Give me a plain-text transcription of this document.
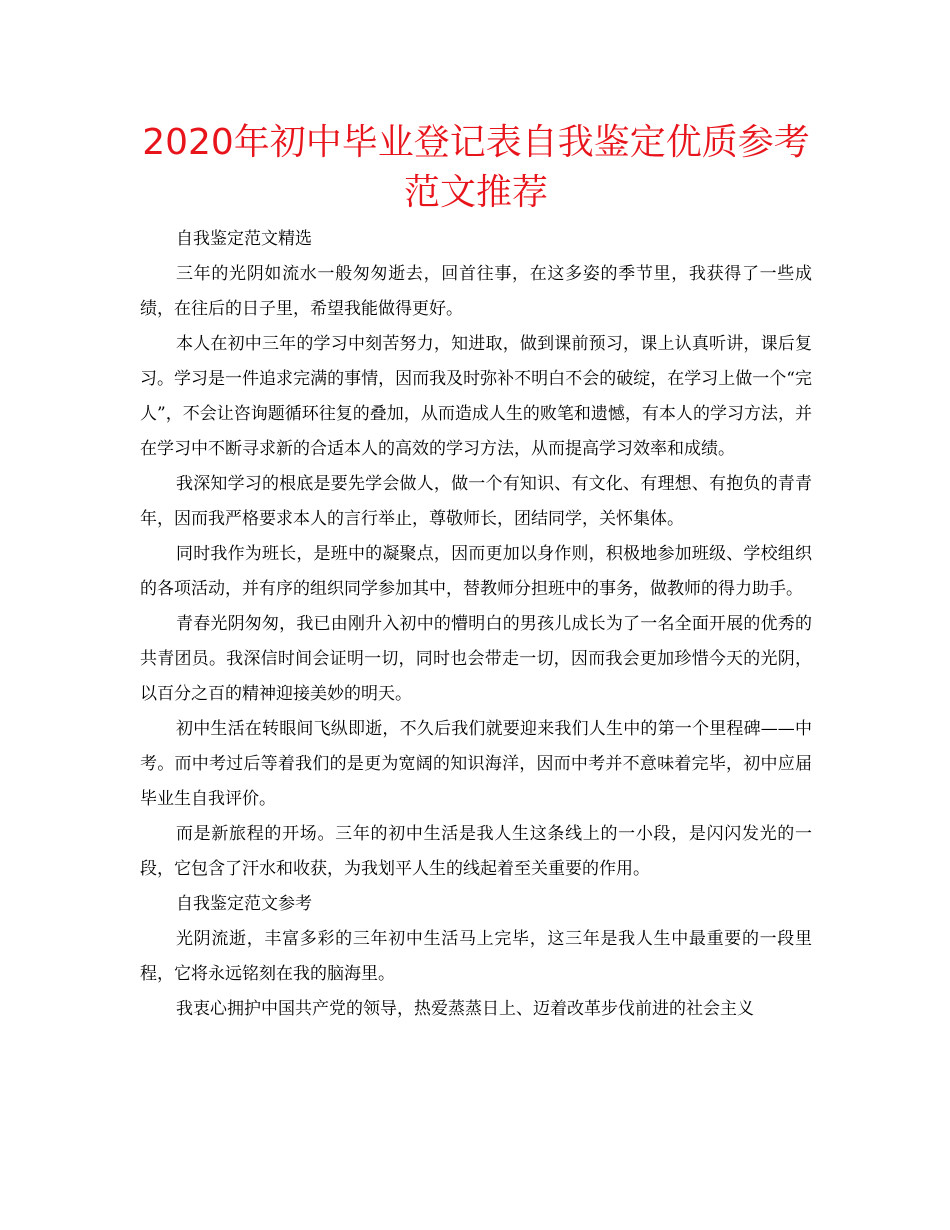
2020年初中毕业登记表自我鉴定优质参考范文推荐

自我鉴定范文精选

三年的光阴如流水一般匆匆逝去，回首往事，在这多姿的季节里，我获得了一些成绩，在往后的日子里，希望我能做得更好。

本人在初中三年的学习中刻苦努力，知进取，做到课前预习，课上认真听讲，课后复习。学习是一件追求完满的事情，因而我及时弥补不明白不会的破绽，在学习上做一个“完人”，不会让咨询题循环往复的叠加，从而造成人生的败笔和遗憾，有本人的学习方法，并在学习中不断寻求新的合适本人的高效的学习方法，从而提高学习效率和成绩。

我深知学习的根底是要先学会做人，做一个有知识、有文化、有理想、有抱负的青青年，因而我严格要求本人的言行举止，尊敬师长，团结同学，关怀集体。

同时我作为班长，是班中的凝聚点，因而更加以身作则，积极地参加班级、学校组织的各项活动，并有序的组织同学参加其中，替教师分担班中的事务，做教师的得力助手。

青春光阴匆匆，我已由刚升入初中的懵明白的男孩儿成长为了一名全面开展的优秀的共青团员。我深信时间会证明一切，同时也会带走一切，因而我会更加珍惜今天的光阴，以百分之百的精神迎接美妙的明天。

初中生活在转眼间飞纵即逝，不久后我们就要迎来我们人生中的第一个里程碑——中考。而中考过后等着我们的是更为宽阔的知识海洋，因而中考并不意味着完毕，初中应届毕业生自我评价。

而是新旅程的开场。三年的初中生活是我人生这条线上的一小段，是闪闪发光的一段，它包含了汗水和收获，为我划平人生的线起着至关重要的作用。

自我鉴定范文参考

光阴流逝，丰富多彩的三年初中生活马上完毕，这三年是我人生中最重要的一段里程，它将永远铭刻在我的脑海里。

我衷心拥护中国共产党的领导，热爱蒸蒸日上、迈着改革步伐前进的社会主义
